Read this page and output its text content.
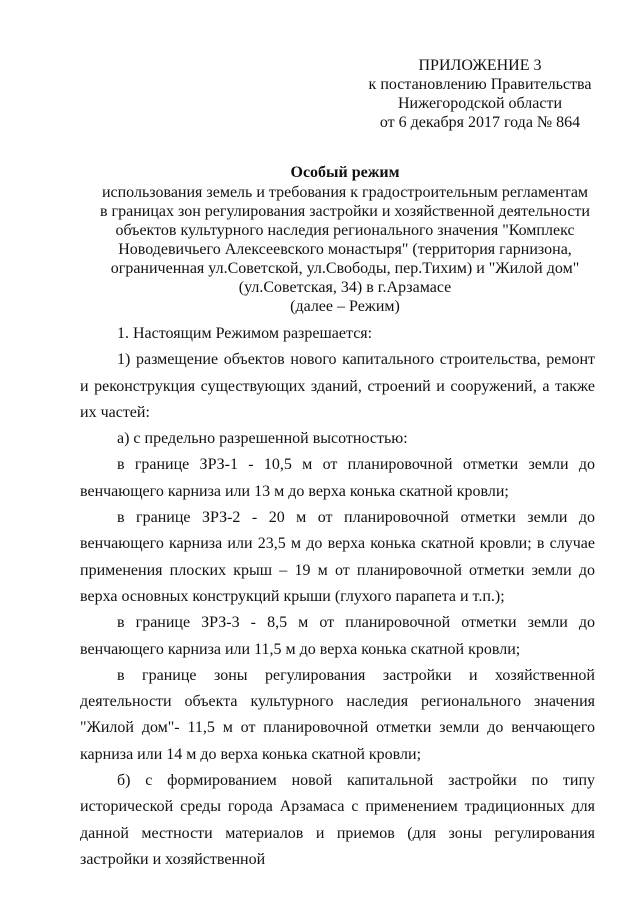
ПРИЛОЖЕНИЕ 3
к постановлению Правительства
Нижегородской области
от 6 декабря 2017 года № 864
Особый режим
использования земель и требования к градостроительным регламентам
в границах зон регулирования застройки и хозяйственной деятельности
объектов культурного наследия регионального значения "Комплекс
Новодевичьего Алексеевского монастыря" (территория гарнизона,
ограниченная ул.Советской, ул.Свободы, пер.Тихим) и "Жилой дом"
(ул.Советская, 34) в г.Арзамасе
(далее – Режим)

1. Настоящим Режимом разрешается:

1) размещение объектов нового капитального строительства, ремонт и реконструкция существующих зданий, строений и сооружений, а также их частей:

а) с предельно разрешенной высотностью:

в границе ЗРЗ-1 - 10,5 м от планировочной отметки земли до венчающего карниза или 13 м до верха конька скатной кровли;

в границе ЗРЗ-2 - 20 м от планировочной отметки земли до венчающего карниза или 23,5 м до верха конька скатной кровли; в случае применения плоских крыш – 19 м от планировочной отметки земли до верха основных конструкций крыши (глухого парапета и т.п.);

в границе ЗРЗ-3 - 8,5 м от планировочной отметки земли до венчающего карниза или 11,5 м до верха конька скатной кровли;

в границе зоны регулирования застройки и хозяйственной деятельности объекта культурного наследия регионального значения "Жилой дом"- 11,5 м от планировочной отметки земли до венчающего карниза или 14 м до верха конька скатной кровли;

б) с формированием новой капитальной застройки по типу исторической среды города Арзамаса с применением традиционных для данной местности материалов и приемов (для зоны регулирования застройки и хозяйственной
